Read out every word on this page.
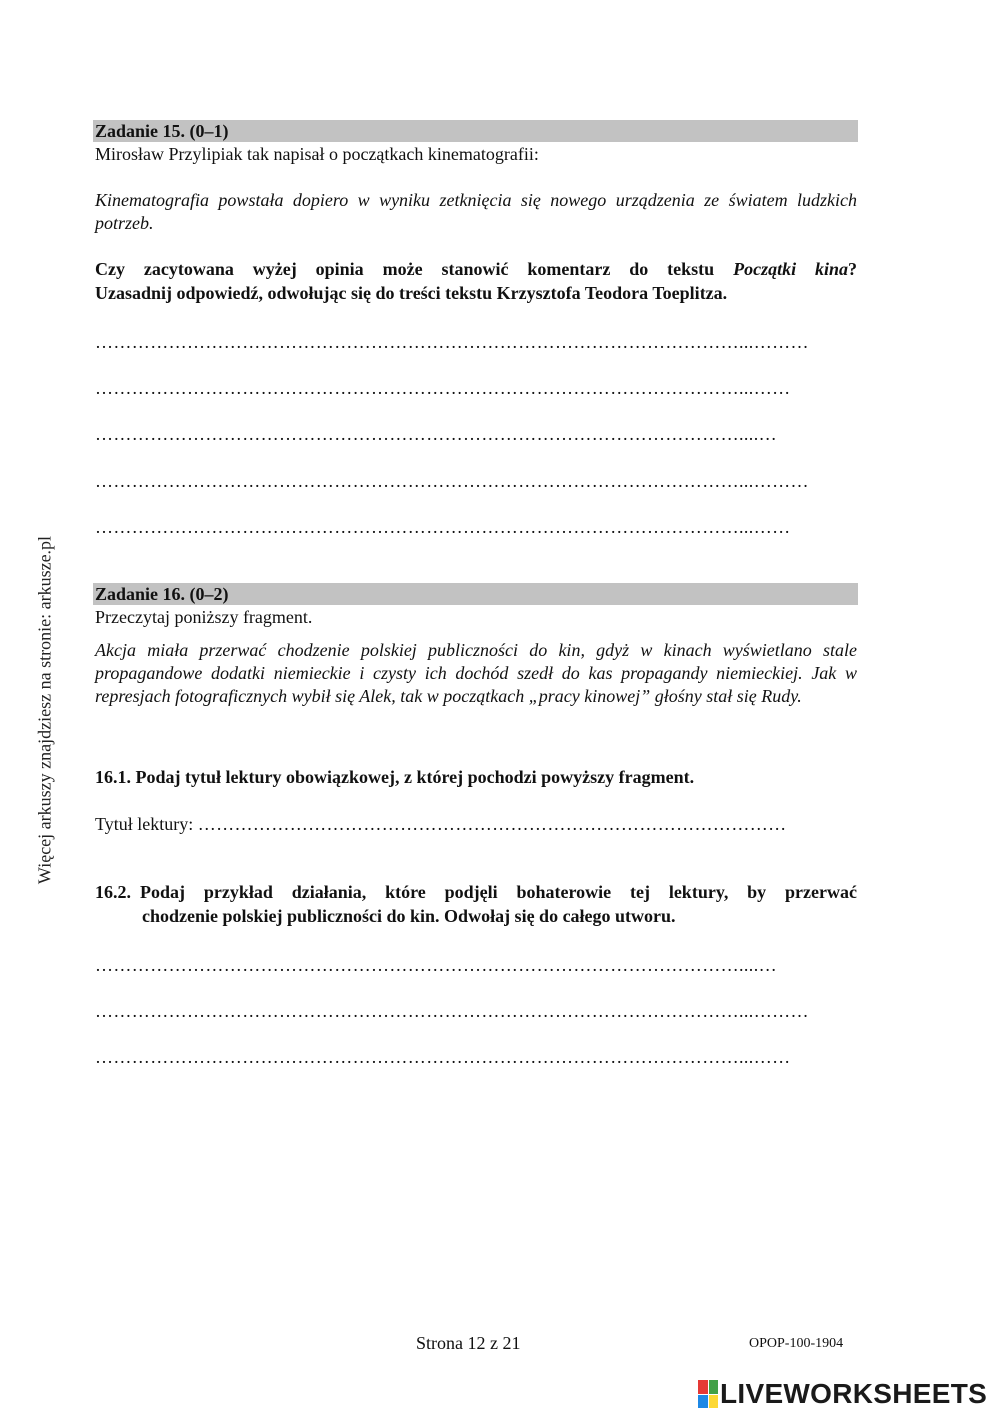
Więcej arkuszy znajdziesz na stronie: arkusze.pl
Zadanie 15. (0–1)
Mirosław Przylipiak tak napisał o początkach kinematografii:
Kinematografia powstała dopiero w wyniku zetknięcia się nowego urządzenia ze światem ludzkich potrzeb.
Czy zacytowana wyżej opinia może stanowić komentarz do tekstu Początki kina?
Uzasadnij odpowiedź, odwołując się do treści tekstu Krzysztofa Teodora Toeplitza.
……………………………………………………………………………………………...………
……………………………………………………………………………………………...……
……………………………………………………………………………………………....…
……………………………………………………………………………………………...………
……………………………………………………………………………………………...……
Zadanie 16. (0–2)
Przeczytaj poniższy fragment.
Akcja miała przerwać chodzenie polskiej publiczności do kin, gdyż w kinach wyświetlano stale propagandowe dodatki niemieckie i czysty ich dochód szedł do kas propagandy niemieckiej. Jak w represjach fotograficznych wybił się Alek, tak w początkach „pracy kinowej” głośny stał się Rudy.
16.1. Podaj tytuł lektury obowiązkowej, z której pochodzi powyższy fragment.
Tytuł lektury: ……………………………………………………………………………………
16.2. Podaj przykład działania, które podjęli bohaterowie tej lektury, by przerwać
chodzenie polskiej publiczności do kin. Odwołaj się do całego utworu.
……………………………………………………………………………………………....…
……………………………………………………………………………………………...………
……………………………………………………………………………………………...……
Strona 12 z 21	OPOP-100-1904
LIVEWORKSHEETS
